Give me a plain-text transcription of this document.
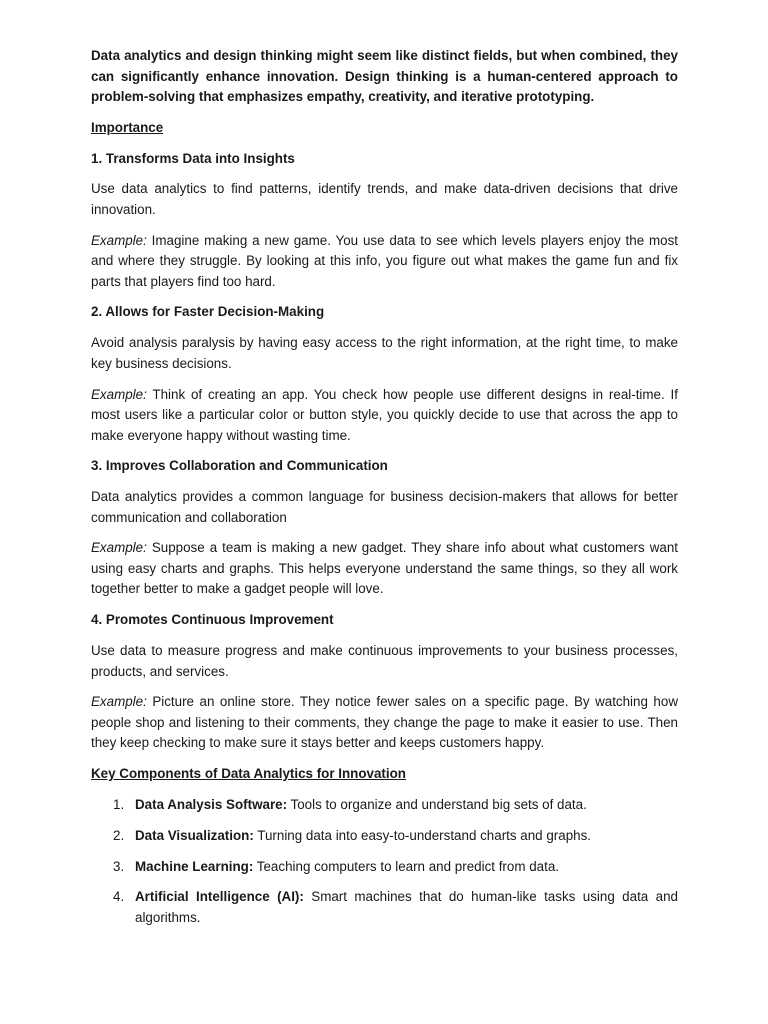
Data analytics and design thinking might seem like distinct fields, but when combined, they can significantly enhance innovation. Design thinking is a human-centered approach to problem-solving that emphasizes empathy, creativity, and iterative prototyping.

Importance

1. Transforms Data into Insights

Use data analytics to find patterns, identify trends, and make data-driven decisions that drive innovation.

Example: Imagine making a new game. You use data to see which levels players enjoy the most and where they struggle. By looking at this info, you figure out what makes the game fun and fix parts that players find too hard.

2. Allows for Faster Decision-Making

Avoid analysis paralysis by having easy access to the right information, at the right time, to make key business decisions.

Example: Think of creating an app. You check how people use different designs in real-time. If most users like a particular color or button style, you quickly decide to use that across the app to make everyone happy without wasting time.

3. Improves Collaboration and Communication

Data analytics provides a common language for business decision-makers that allows for better communication and collaboration

Example: Suppose a team is making a new gadget. They share info about what customers want using easy charts and graphs. This helps everyone understand the same things, so they all work together better to make a gadget people will love.

4. Promotes Continuous Improvement

Use data to measure progress and make continuous improvements to your business processes, products, and services.

Example: Picture an online store. They notice fewer sales on a specific page. By watching how people shop and listening to their comments, they change the page to make it easier to use. Then they keep checking to make sure it stays better and keeps customers happy.

Key Components of Data Analytics for Innovation

1. Data Analysis Software: Tools to organize and understand big sets of data.
2. Data Visualization: Turning data into easy-to-understand charts and graphs.
3. Machine Learning: Teaching computers to learn and predict from data.
4. Artificial Intelligence (AI): Smart machines that do human-like tasks using data and algorithms.
